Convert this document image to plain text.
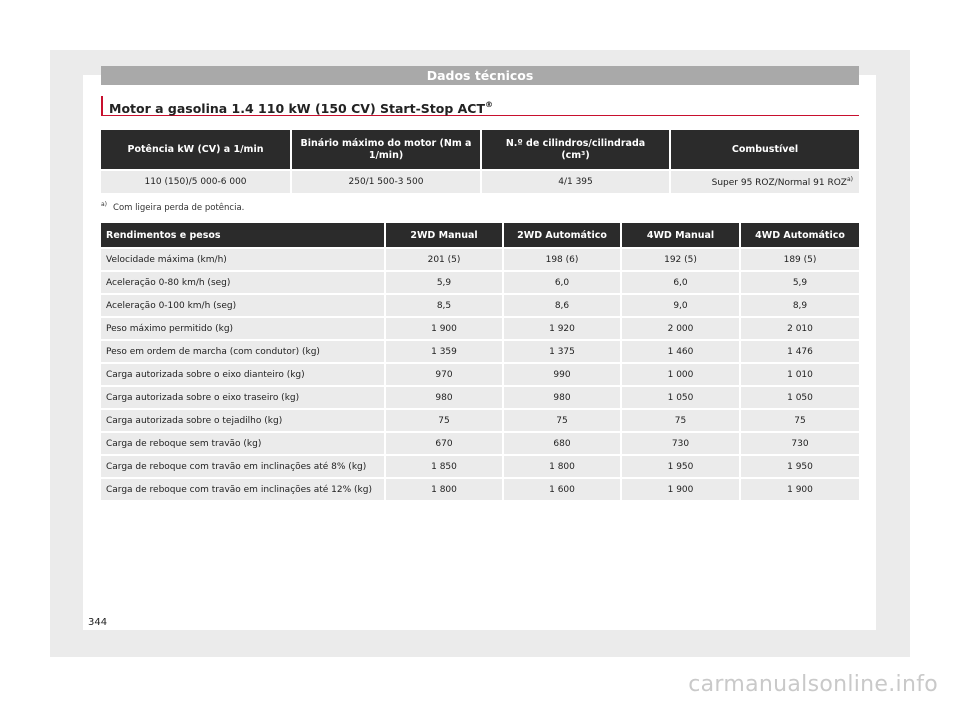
Dados técnicos
Motor a gasolina 1.4 110 kW (150 CV) Start-Stop ACT®
Potência kW (CV) a 1/min	Binário máximo do motor (Nm a 1/min)	N.º de cilindros/cilindrada (cm³)	Combustível
110 (150)/5 000-6 000	250/1 500-3 500	4/1 395	Super 95 ROZ/Normal 91 ROZ$^{a)}$
$^{a)}$ Com ligeira perda de potência.
Rendimentos e pesos	2WD Manual	2WD Automático	4WD Manual	4WD Automático
Velocidade máxima (km/h)	201 (5)	198 (6)	192 (5)	189 (5)
Aceleração 0-80 km/h (seg)	5,9	6,0	6,0	5,9
Aceleração 0-100 km/h (seg)	8,5	8,6	9,0	8,9
Peso máximo permitido (kg)	1 900	1 920	2 000	2 010
Peso em ordem de marcha (com condutor) (kg)	1 359	1 375	1 460	1 476
Carga autorizada sobre o eixo dianteiro (kg)	970	990	1 000	1 010
Carga autorizada sobre o eixo traseiro (kg)	980	980	1 050	1 050
Carga autorizada sobre o tejadilho (kg)	75	75	75	75
Carga de reboque sem travão (kg)	670	680	730	730
Carga de reboque com travão em inclinações até 8% (kg)	1 850	1 800	1 950	1 950
Carga de reboque com travão em inclinações até 12% (kg)	1 800	1 600	1 900	1 900
344
carmanualsonline.info
